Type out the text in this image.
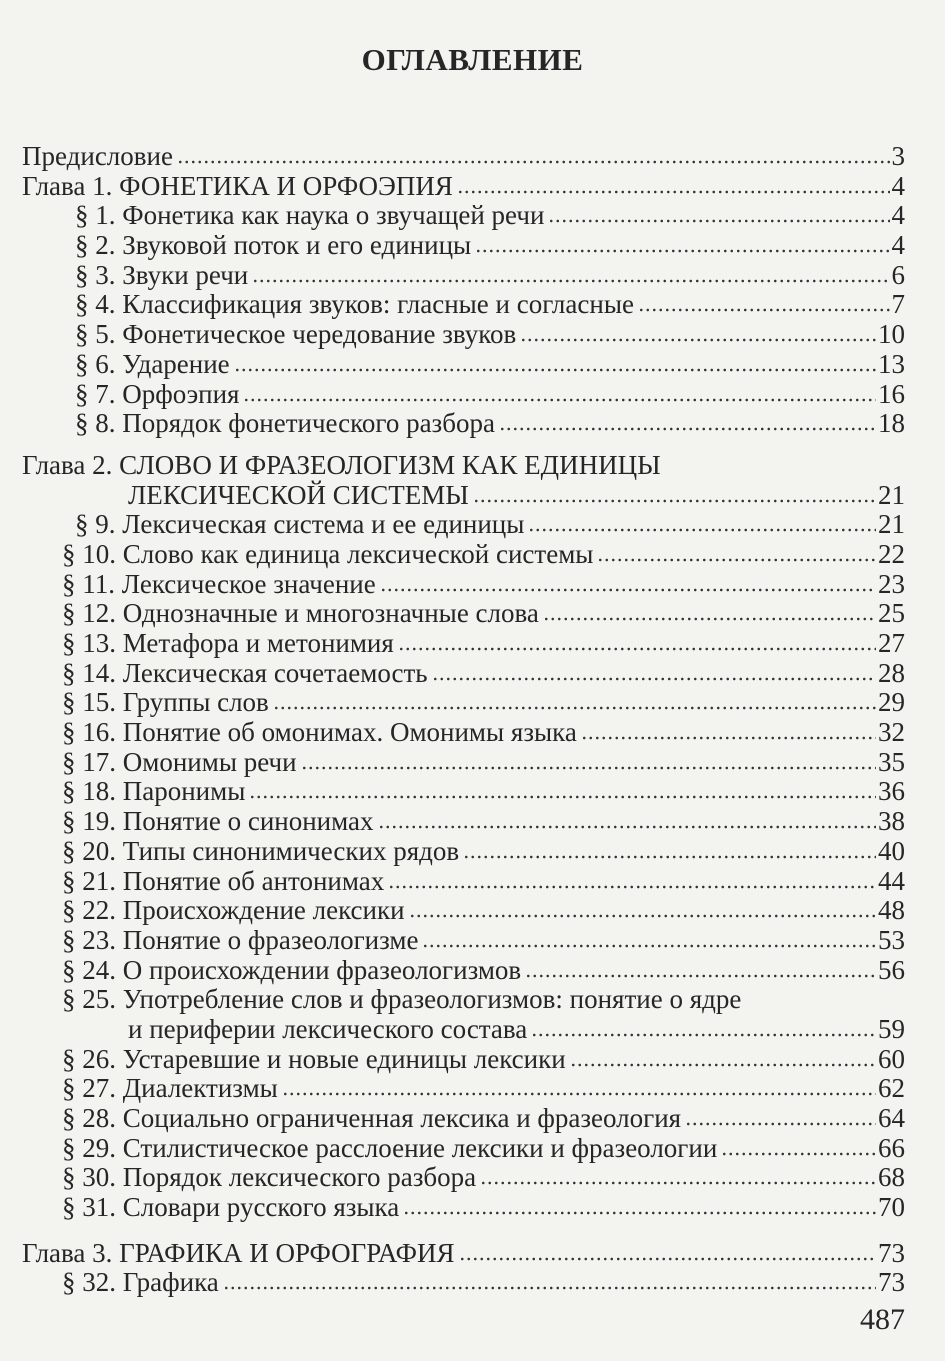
ОГЛАВЛЕНИЕ
Предисловие	3
Глава 1. ФОНЕТИКА И ОРФОЭПИЯ	4
§ 1. Фонетика как наука о звучащей речи	4
§ 2. Звуковой поток и его единицы	4
§ 3. Звуки речи	6
§ 4. Классификация звуков: гласные и согласные	7
§ 5. Фонетическое чередование звуков	10
§ 6. Ударение	13
§ 7. Орфоэпия	16
§ 8. Порядок фонетического разбора	18
Глава 2. СЛОВО И ФРАЗЕОЛОГИЗМ КАК ЕДИНИЦЫ
ЛЕКСИЧЕСКОЙ СИСТЕМЫ	21
§ 9. Лексическая система и ее единицы	21
§ 10. Слово как единица лексической системы	22
§ 11. Лексическое значение	23
§ 12. Однозначные и многозначные слова	25
§ 13. Метафора и метонимия	27
§ 14. Лексическая сочетаемость	28
§ 15. Группы слов	29
§ 16. Понятие об омонимах. Омонимы языка	32
§ 17. Омонимы речи	35
§ 18. Паронимы	36
§ 19. Понятие о синонимах	38
§ 20. Типы синонимических рядов	40
§ 21. Понятие об антонимах	44
§ 22. Происхождение лексики	48
§ 23. Понятие о фразеологизме	53
§ 24. О происхождении фразеологизмов	56
§ 25. Употребление слов и фразеологизмов: понятие о ядре
и периферии лексического состава	59
§ 26. Устаревшие и новые единицы лексики	60
§ 27. Диалектизмы	62
§ 28. Социально ограниченная лексика и фразеология	64
§ 29. Стилистическое расслоение лексики и фразеологии	66
§ 30. Порядок лексического разбора	68
§ 31. Словари русского языка	70
Глава 3. ГРАФИКА И ОРФОГРАФИЯ	73
§ 32. Графика	73
487
